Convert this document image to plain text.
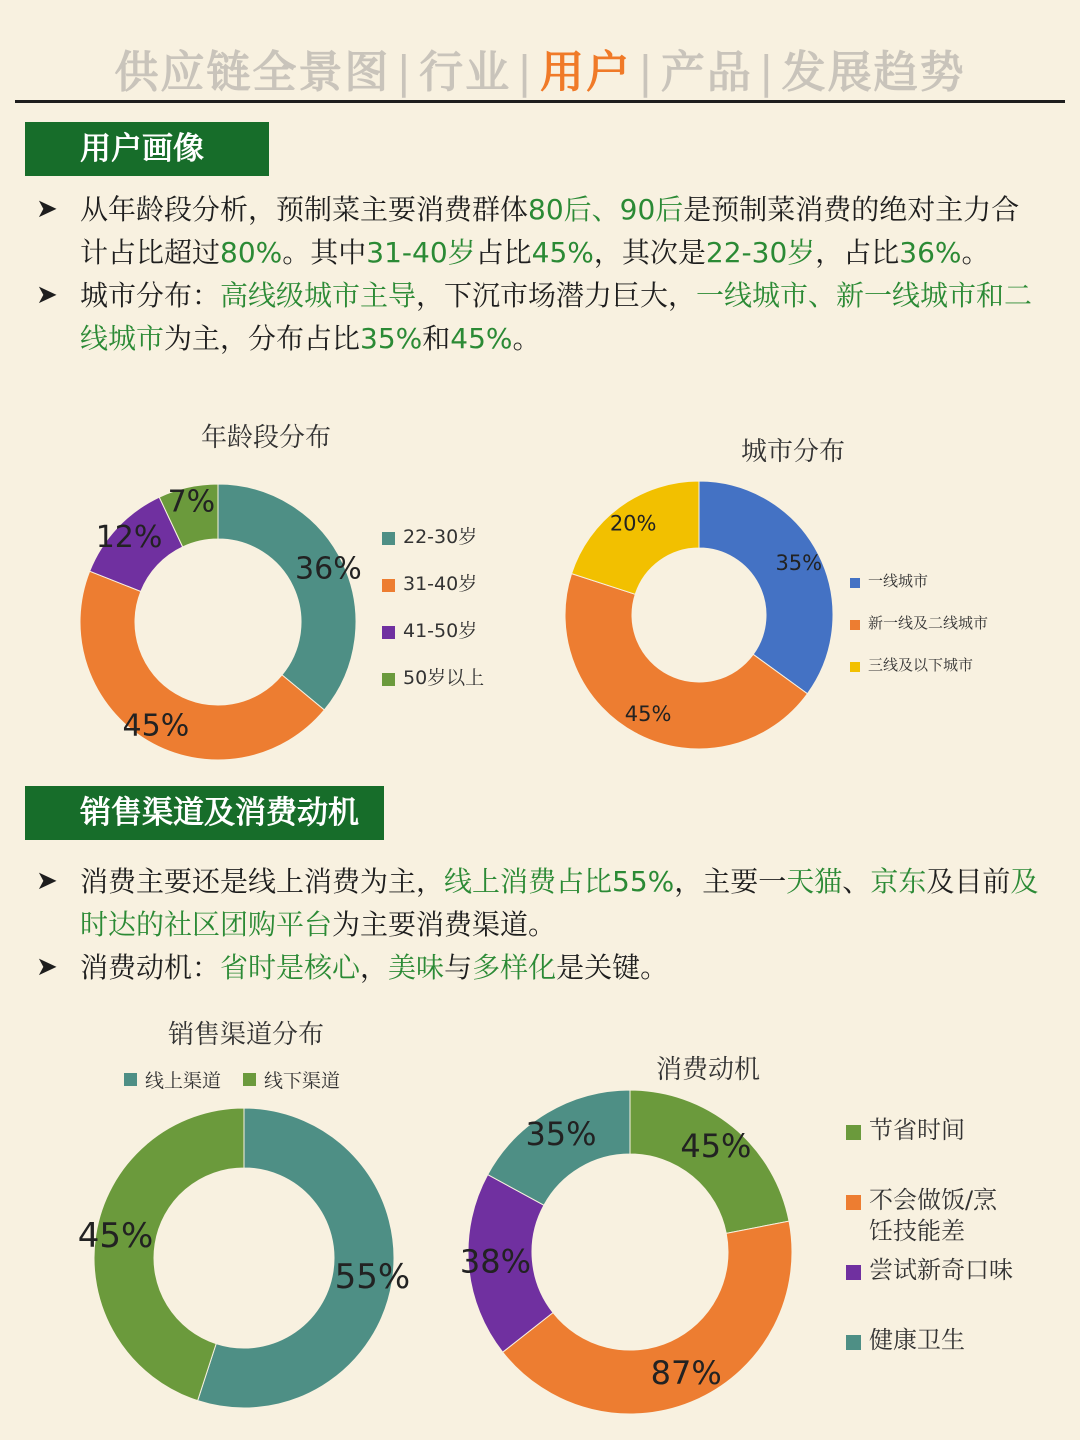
供应链全景图 | 行业 | 用户 | 产品 | 发展趋势
用户画像
➤ 从年龄段分析，预制菜主要消费群体80后、90后是预制菜消费的绝对主力合计占比超过80%。其中31-40岁占比45%，其次是22-30岁，占比36%。
➤ 城市分布：高线级城市主导，下沉市场潜力巨大，一线城市、新一线城市和二线城市为主，分布占比35%和45%。
年龄段分布
36%
45%
12%
7%
22-30岁
31-40岁
41-50岁
50岁以上
城市分布
35%
45%
20%
一线城市
新一线及二线城市
三线及以下城市
销售渠道及消费动机
➤ 消费主要还是线上消费为主，线上消费占比55%，主要一天猫、京东及目前及时达的社区团购平台为主要消费渠道。
➤ 消费动机：省时是核心，美味与多样化是关键。
销售渠道分布
55%
45%
线上渠道 线下渠道	消费动机
45%
87%
38%
35%	节省时间
不会做饭/烹
饪技能差
尝试新奇口味
健康卫生
